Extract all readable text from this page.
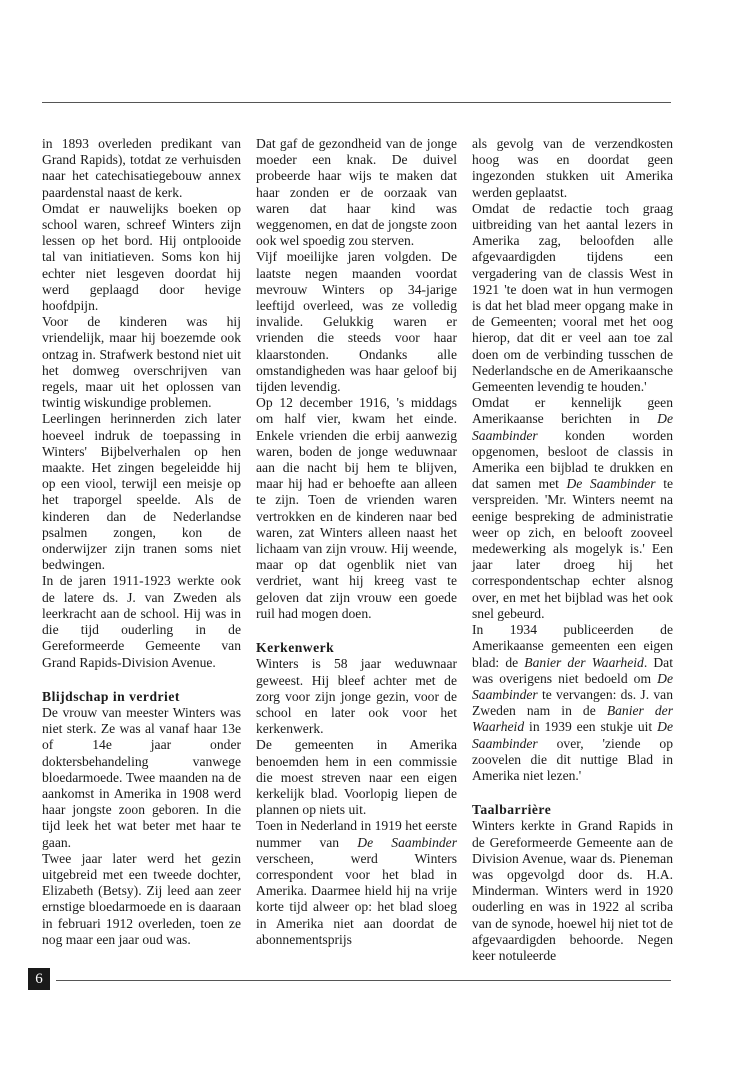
in 1893 overleden predikant van Grand Rapids), totdat ze verhuisden naar het catechisatiegebouw annex paardenstal naast de kerk.

Omdat er nauwelijks boeken op school waren, schreef Winters zijn lessen op het bord. Hij ontplooide tal van initiatieven. Soms kon hij echter niet lesgeven doordat hij werd geplaagd door hevige hoofdpijn.

Voor de kinderen was hij vriendelijk, maar hij boezemde ook ontzag in. Strafwerk bestond niet uit het domweg overschrijven van regels, maar uit het oplossen van twintig wiskundige problemen.

Leerlingen herinnerden zich later hoeveel indruk de toepassing in Winters' Bijbelverhalen op hen maakte. Het zingen begeleidde hij op een viool, terwijl een meisje op het traporgel speelde. Als de kinderen dan de Nederlandse psalmen zongen, kon de onderwijzer zijn tranen soms niet bedwingen.

In de jaren 1911-1923 werkte ook de latere ds. J. van Zweden als leerkracht aan de school. Hij was in die tijd ouderling in de Gereformeerde Gemeente van Grand Rapids-Division Avenue.

Blijdschap in verdriet

De vrouw van meester Winters was niet sterk. Ze was al vanaf haar 13e of 14e jaar onder doktersbehandeling vanwege bloedarmoede. Twee maanden na de aankomst in Amerika in 1908 werd haar jongste zoon geboren. In die tijd leek het wat beter met haar te gaan.

Twee jaar later werd het gezin uitgebreid met een tweede dochter, Elizabeth (Betsy). Zij leed aan zeer ernstige bloedarmoede en is daaraan in februari 1912 overleden, toen ze nog maar een jaar oud was.

Dat gaf de gezondheid van de jonge moeder een knak. De duivel probeerde haar wijs te maken dat haar zonden er de oorzaak van waren dat haar kind was weggenomen, en dat de jongste zoon ook wel spoedig zou sterven.

Vijf moeilijke jaren volgden. De laatste negen maanden voordat mevrouw Winters op 34-jarige leeftijd overleed, was ze volledig invalide. Gelukkig waren er vrienden die steeds voor haar klaarstonden. Ondanks alle omstandigheden was haar geloof bij tijden levendig.

Op 12 december 1916, 's middags om half vier, kwam het einde. Enkele vrienden die erbij aanwezig waren, boden de jonge weduwnaar aan die nacht bij hem te blijven, maar hij had er behoefte aan alleen te zijn. Toen de vrienden waren vertrokken en de kinderen naar bed waren, zat Winters alleen naast het lichaam van zijn vrouw. Hij weende, maar op dat ogenblik niet van verdriet, want hij kreeg vast te geloven dat zijn vrouw een goede ruil had mogen doen.

Kerkenwerk

Winters is 58 jaar weduwnaar geweest. Hij bleef achter met de zorg voor zijn jonge gezin, voor de school en later ook voor het kerkenwerk.

De gemeenten in Amerika benoemden hem in een commissie die moest streven naar een eigen kerkelijk blad. Voorlopig liepen de plannen op niets uit.

Toen in Nederland in 1919 het eerste nummer van De Saambinder verscheen, werd Winters correspondent voor het blad in Amerika. Daarmee hield hij na vrije korte tijd alweer op: het blad sloeg in Amerika niet aan doordat de abonnementsprijs

als gevolg van de verzendkosten hoog was en doordat geen ingezonden stukken uit Amerika werden geplaatst.

Omdat de redactie toch graag uitbreiding van het aantal lezers in Amerika zag, beloofden alle afgevaardigden tijdens een vergadering van de classis West in 1921 'te doen wat in hun vermogen is dat het blad meer opgang make in de Gemeenten; vooral met het oog hierop, dat dit er veel aan toe zal doen om de verbinding tusschen de Nederlandsche en de Amerikaansche Gemeenten levendig te houden.'

Omdat er kennelijk geen Amerikaanse berichten in De Saambinder konden worden opgenomen, besloot de classis in Amerika een bijblad te drukken en dat samen met De Saambinder te verspreiden. 'Mr. Winters neemt na eenige bespreking de administratie weer op zich, en belooft zooveel medewerking als mogelyk is.' Een jaar later droeg hij het correspondentschap echter alsnog over, en met het bijblad was het ook snel gebeurd.

In 1934 publiceerden de Amerikaanse gemeenten een eigen blad: de Banier der Waarheid. Dat was overigens niet bedoeld om De Saambinder te vervangen: ds. J. van Zweden nam in de Banier der Waarheid in 1939 een stukje uit De Saambinder over, 'ziende op zoovelen die dit nuttige Blad in Amerika niet lezen.'

Taalbarrière

Winters kerkte in Grand Rapids in de Gereformeerde Gemeente aan de Division Avenue, waar ds. Pieneman was opgevolgd door ds. H.A. Minderman. Winters werd in 1920 ouderling en was in 1922 al scriba van de synode, hoewel hij niet tot de afgevaardigden behoorde. Negen keer notuleerde

6
